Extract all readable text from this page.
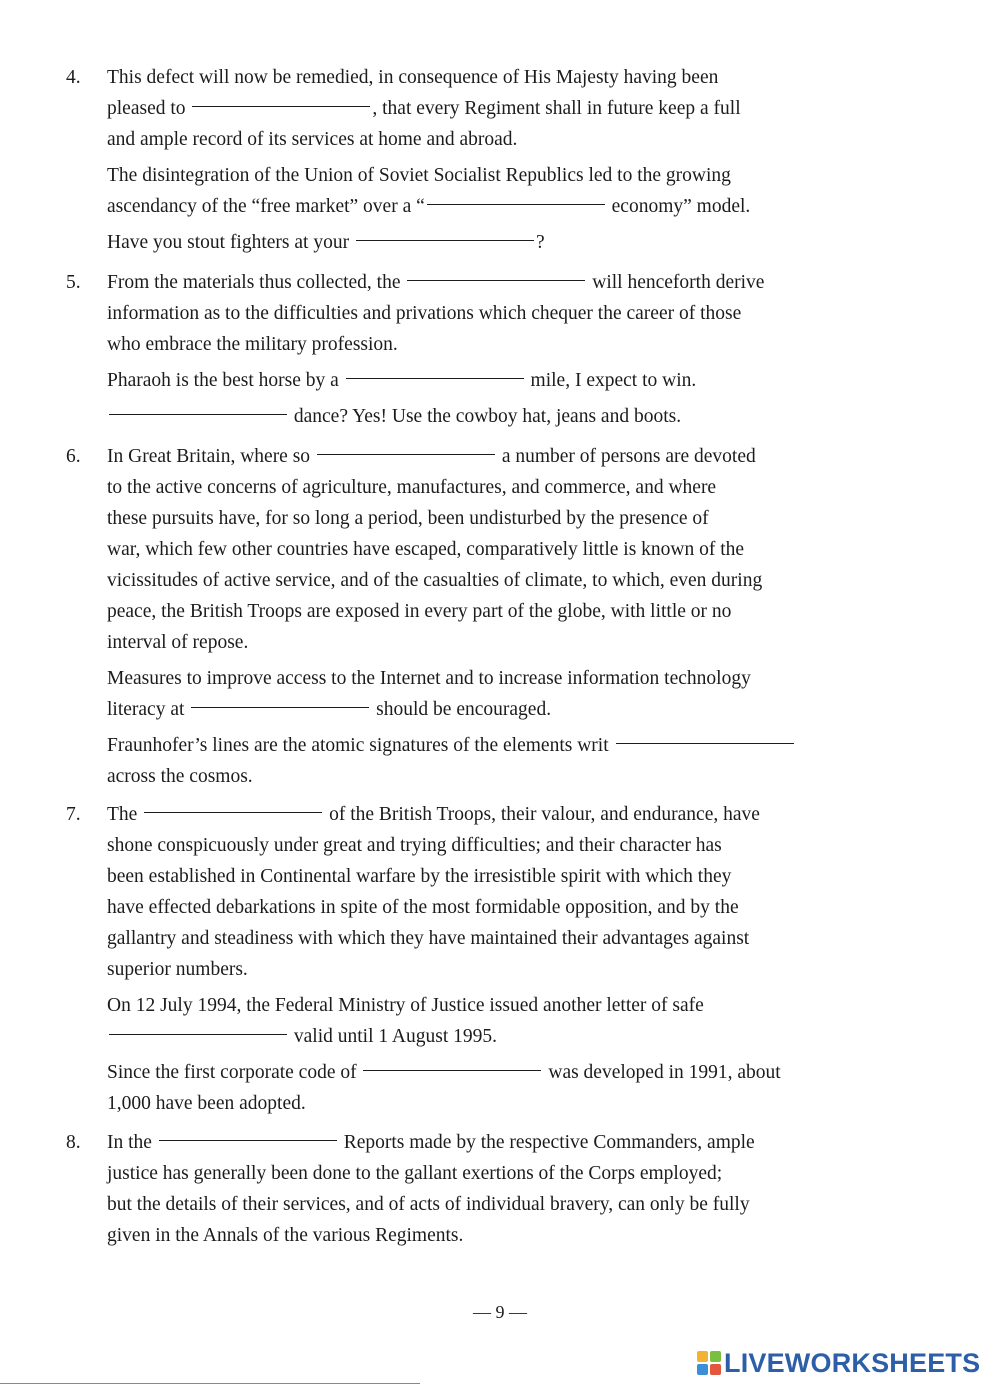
4.	This defect will now be remedied, in consequence of His Majesty having been
pleased to	, that every Regiment shall in future keep a full
and ample record of its services at home and abroad.
The disintegration of the Union of Soviet Socialist Republics led to the growing
ascendancy of the “free market” over a “	economy” model.
Have you stout fighters at your	?
5.	From the materials thus collected, the	will henceforth derive
information as to the difficulties and privations which chequer the career of those
who embrace the military profession.
Pharaoh is the best horse by a	mile, I expect to win.
dance? Yes! Use the cowboy hat, jeans and boots.
6.	In Great Britain, where so	a number of persons are devoted
to the active concerns of agriculture, manufactures, and commerce, and where
these pursuits have, for so long a period, been undisturbed by the presence of
war, which few other countries have escaped, comparatively little is known of the
vicissitudes of active service, and of the casualties of climate, to which, even during
peace, the British Troops are exposed in every part of the globe, with little or no
interval of repose.
Measures to improve access to the Internet and to increase information technology
literacy at	should be encouraged.
Fraunhofer’s lines are the atomic signatures of the elements writ
across the cosmos.
7.	The	of the British Troops, their valour, and endurance, have
shone conspicuously under great and trying difficulties; and their character has
been established in Continental warfare by the irresistible spirit with which they
have effected debarkations in spite of the most formidable opposition, and by the
gallantry and steadiness with which they have maintained their advantages against
superior numbers.
On 12 July 1994, the Federal Ministry of Justice issued another letter of safe
valid until 1 August 1995.
Since the first corporate code of	was developed in 1991, about
1,000 have been adopted.
8.	In the	Reports made by the respective Commanders, ample
justice has generally been done to the gallant exertions of the Corps employed;
but the details of their services, and of acts of individual bravery, can only be fully
given in the Annals of the various Regiments.
— 9 —
LIVEWORKSHEETS
